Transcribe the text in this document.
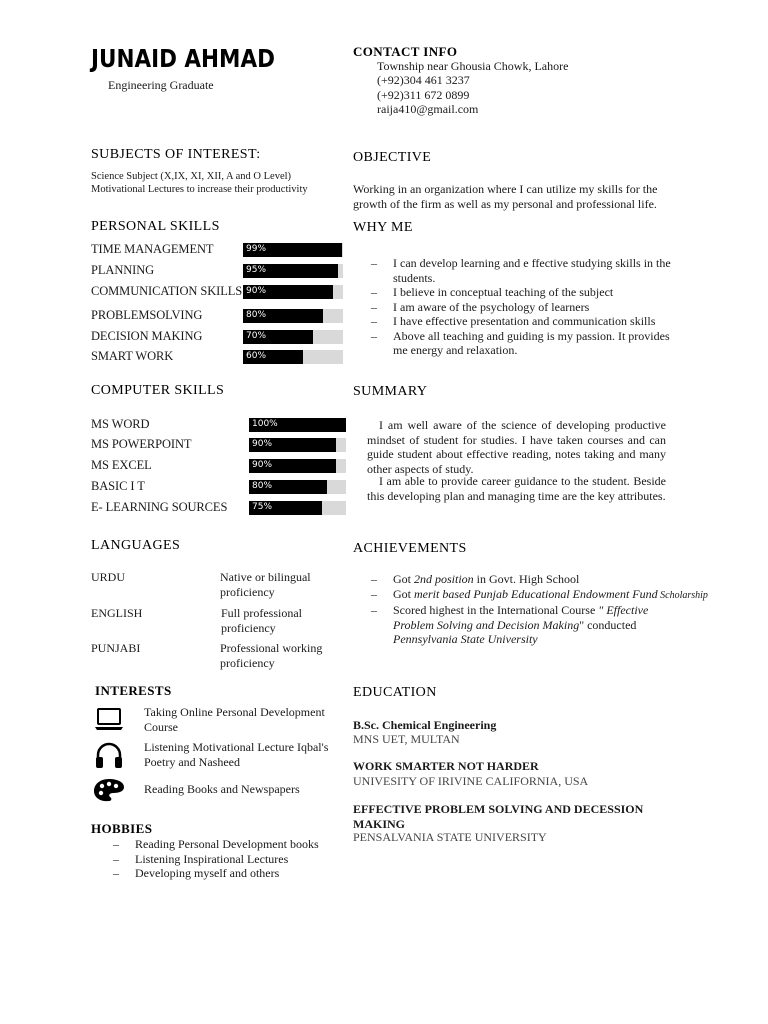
JUNAID AHMAD
Engineering Graduate
CONTACT INFO
Township near Ghousia Chowk, Lahore
(+92)304 461 3237
(+92)311 672 0899
raija410@gmail.com
SUBJECTS OF INTEREST:
Science Subject (X,IX, XI, XII, A and O Level)
Motivational Lectures to increase their productivity
OBJECTIVE
Working in an organization where I can utilize my skills for the growth of the firm as well as my personal and professional life.
PERSONAL SKILLS
TIME MANAGEMENT	99%
PLANNING	95%
COMMUNICATION SKILLS 90%
PROBLEMSOLVING	80%
DECISION MAKING	70%
SMART WORK	60%
WHY ME
– I can develop learning and e ffective studying skills in the students.
– I believe in conceptual teaching of the subject
– I am aware of the psychology of learners
– I have effective presentation and communication skills
– Above all teaching and guiding is my passion. It provides me energy and relaxation.
COMPUTER SKILLS
MS WORD	100%
MS POWERPOINT	90%
MS EXCEL	90%
BASIC I T	80%
E- LEARNING SOURCES	75%
SUMMARY
I am well aware of the science of developing productive mindset of student for studies. I have taken courses and can guide student about effective reading, notes taking and many other aspects of study.
I am able to provide career guidance to the student. Beside this developing plan and managing time are the key attributes.
LANGUAGES
URDU	Native or bilingual proficiency
ENGLISH	Full professional proficiency
PUNJABI	Professional working proficiency
ACHIEVEMENTS
– Got 2nd position in Govt. High School
– Got merit based Punjab Educational Endowment Fund Scholarship
– Scored highest in the International Course " Effective Problem Solving and Decision Making" conducted Pennsylvania State University
INTERESTS
Taking Online Personal Development Course
Listening Motivational Lecture Iqbal's Poetry and Nasheed
Reading Books and Newspapers
EDUCATION
B.Sc. Chemical Engineering
MNS UET, MULTAN
WORK SMARTER NOT HARDER
UNIVESITY OF IRIVINE CALIFORNIA, USA
EFFECTIVE PROBLEM SOLVING AND DECESSION MAKING
PENSALVANIA STATE UNIVERSITY
HOBBIES
– Reading Personal Development books
– Listening Inspirational Lectures
– Developing myself and others
